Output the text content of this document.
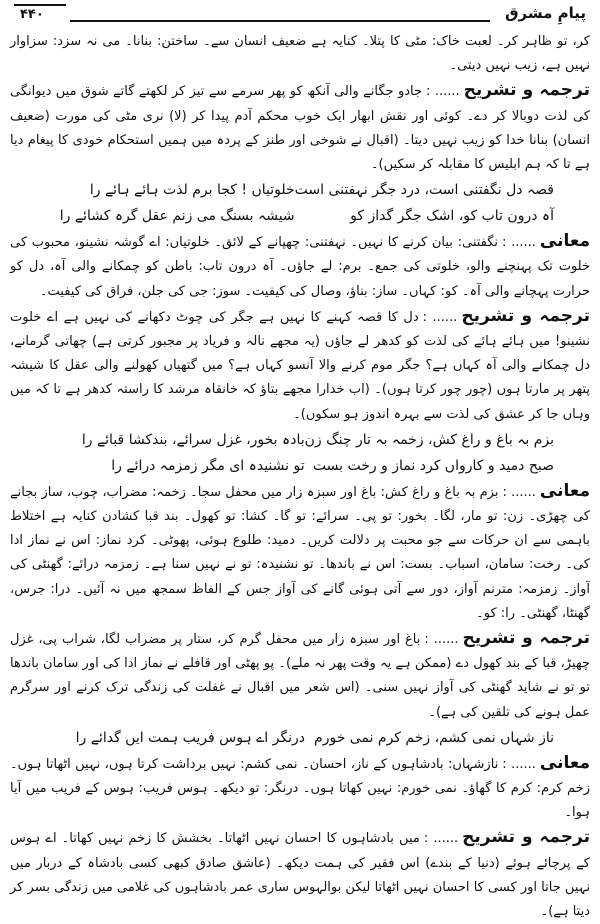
پیامِ مشرق
۴۴۰

کر، تو ظاہر کر۔ لعبت خاک: مٹی کا پتلا۔ کنایہ ہے ضعیف انسان سے۔ ساختن: بنانا۔ می نہ سزد: سزاوار نہیں ہے، زیب نہیں دیتی۔

ترجمہ و تشریح...... :جادو جگانے والی آنکھ کو پھر سرمے سے تیز کر لکھتے گاتے شوق میں دیوانگی کی لذت دوبالا کر دے۔ کوئی اور نقش ابھار ایک خوب محکم آدم پیدا کر (لا) نری مٹی کی مورت (ضعیف انسان) بنانا خدا کو زیب نہیں دیتا۔ (اقبال نے شوخی اور طنز کے پردہ میں ہمیں استحکام خودی کا پیغام دیا ہے تا کہ ہم ابلیس کا مقابلہ کر سکیں)۔

قصہ دل نگفتنی است، درد جگر نہفتنی است
خلوتیاں ! کجا برم لذت ہائے ہائے را
آہ درون تاب کو، اشک جگر گداز کو
شیشہ بسنگ می زنم عقل گرہ کشائے را

معانی...... :نگفتنی: بیان کرنے کا نہیں۔ نہفتنی: چھپانے کے لائق۔ خلوتیاں: اے گوشہ نشینو، محبوب کی خلوت تک پہنچنے والو، خلوتی کی جمع۔ برم: لے جاؤں۔ آہ درون تاب: باطن کو چمکانے والی آہ، دل کو حرارت پہچانے والی آہ۔ کو: کہاں۔ ساز: بناؤ، وصال کی کیفیت۔ سوز: جی کی جلن، فراق کی کیفیت۔

ترجمہ و تشریح...... :دل کا قصہ کہنے کا نہیں ہے جگر کی چوٹ دکھانے کی نہیں ہے اے خلوت نشینو! میں ہائے ہائے کی لذت کو کدھر لے جاؤں (یہ مجھے نالہ و فریاد پر مجبور کرتی ہے) چھاتی گرمانے، دل چمکانے والی آہ کہاں ہے؟ جگر موم کرنے والا آنسو کہاں ہے؟ میں گتھیاں کھولنے والی عقل کا شیشہ پتھر پر مارتا ہوں (چور چور کرتا ہوں)۔ (اب خدارا مجھے بتاؤ کہ خانقاہ مرشد کا راستہ کدھر ہے تا کہ میں وہاں جا کر عشق کی لذت سے بہرہ اندوز ہو سکوں)۔

بزم بہ باغ و راغ کش، زخمہ بہ تار چنگ زن
بادہ بخور، غزل سرائے، بندکشا قبائے را
صبح دمید و کارواں کرد نماز و رخت بست
تو نشنیدہ ای مگر زمزمہ درائے را

معانی...... :بزم بہ باغ و راغ کش: باغ اور سبزہ زار میں محفل سجا۔ زخمہ: مضراب، چوب، ساز بجانے کی چھڑی۔ زن: تو مار، لگا۔ بخور: تو پی۔ سرائے: تو گا۔ کشا: تو کھول۔ بند قبا کشادن کنایہ ہے اختلاط باہمی سے ان حرکات سے جو محبت پر دلالت کریں۔ دمید: طلوع ہوئی، پھوٹی۔ کرد نماز: اس نے نماز ادا کی۔ رخت: سامان، اسباب۔ بست: اس نے باندھا۔ تو نشنیدہ: تو نے نہیں سنا ہے۔ زمزمہ درائے: گھنٹی کی آواز۔ زمزمہ: مترنم آواز، دور سے آتی ہوئی گانے کی آواز جس کے الفاظ سمجھ میں نہ آئیں۔ درا: جرس، گھنٹا، گھنٹی۔ را: کو۔

ترجمہ و تشریح...... :باغ اور سبزہ زار میں محفل گرم کر، ستار پر مضراب لگا، شراب پی، غزل چھیڑ، قبا کے بند کھول دے (ممکن ہے یہ وقت پھر نہ ملے)۔ پو پھٹی اور قافلے نے نماز ادا کی اور سامان باندھا تو تو نے شاید گھنٹی کی آواز نہیں سنی۔ (اس شعر میں اقبال نے غفلت کی زندگی ترک کرنے اور سرگرم عمل ہونے کی تلقین کی ہے)۔

ناز شہاں نمی کشم، زخم کرم نمی خورم
درنگر اے ہوس فریب ہمت ایں گدائے را

معانی...... :نازشہاں: بادشاہوں کے ناز، احسان۔ نمی کشم: نہیں برداشت کرتا ہوں، نہیں اٹھاتا ہوں۔ زخم کرم: کرم کا گھاؤ۔ نمی خورم: نہیں کھاتا ہوں۔ درنگر: تو دیکھ۔ ہوس فریب: ہوس کے فریب میں آیا ہوا۔

ترجمہ و تشریح...... :میں بادشاہوں کا احسان نہیں اٹھاتا۔ بخشش کا زخم نہیں کھاتا۔ اے ہوس کے پرچائے ہوئے (دنیا کے بندے) اس فقیر کی ہمت دیکھ۔ (عاشق صادق کبھی کسی بادشاہ کے دربار میں نہیں جاتا اور کسی کا احسان نہیں اٹھاتا لیکن بوالہوس ساری عمر بادشاہوں کی غلامی میں زندگی بسر کر دیتا ہے)۔
